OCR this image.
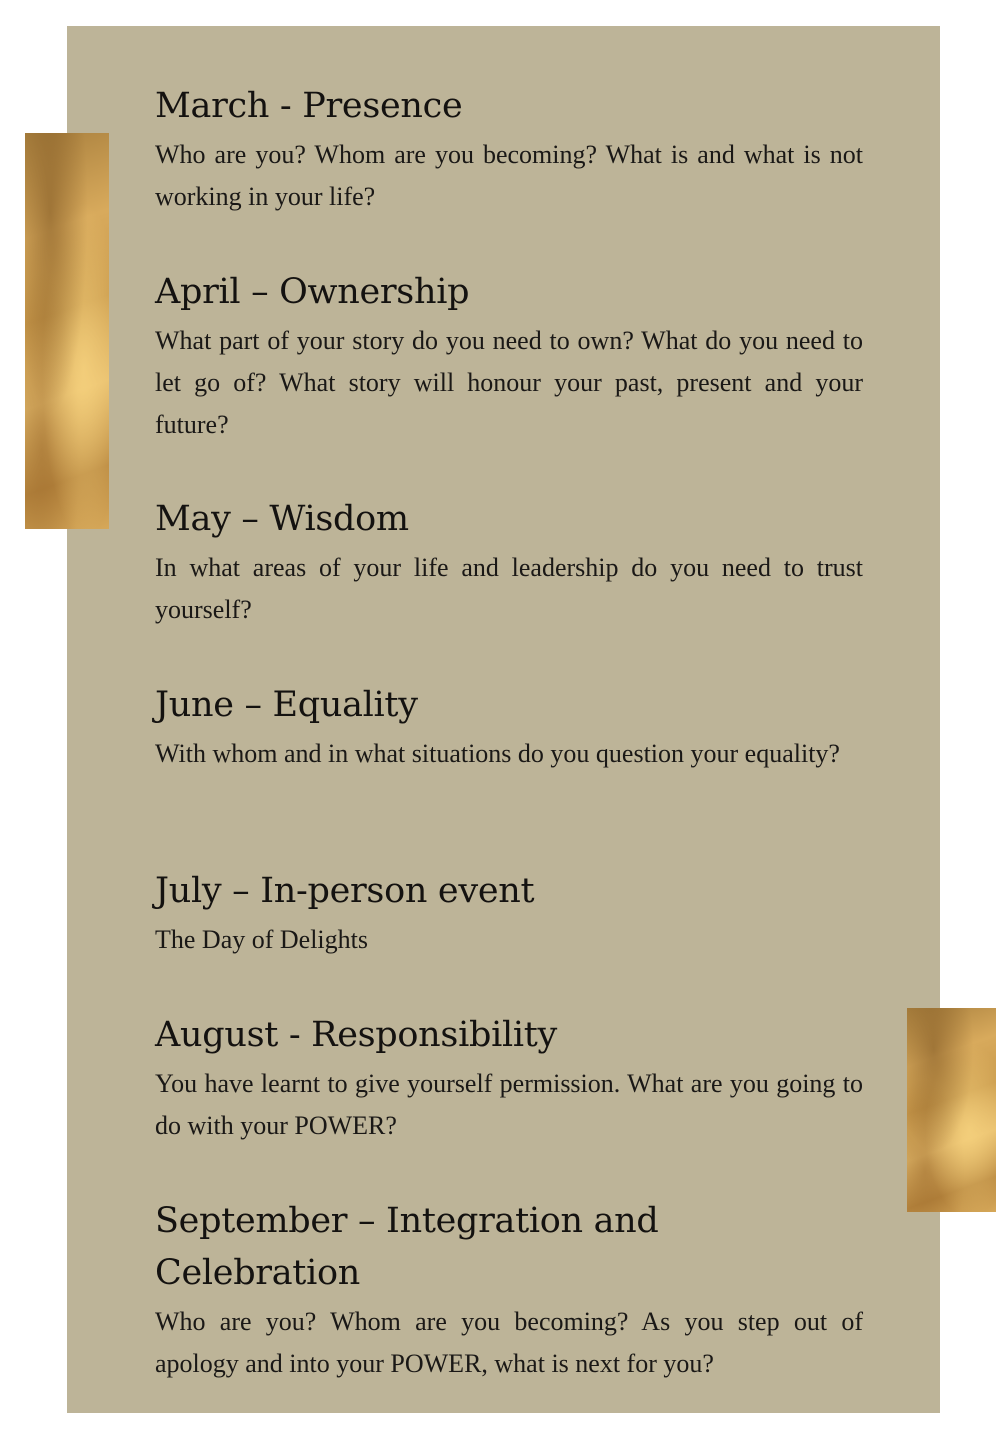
March - Presence

Who are you? Whom are you becoming? What is and what is not working in your life?

April – Ownership

What part of your story do you need to own? What do you need to let go of? What story will honour your past, present and your future?

May – Wisdom

In what areas of your life and leadership do you need to trust yourself?

June – Equality

With whom and in what situations do you question your equality?

July – In-person event

The Day of Delights

August - Responsibility

You have learnt to give yourself permission. What are you going to do with your POWER?

September – Integration and Celebration

Who are you? Whom are you becoming? As you step out of apology and into your POWER, what is next for you?
